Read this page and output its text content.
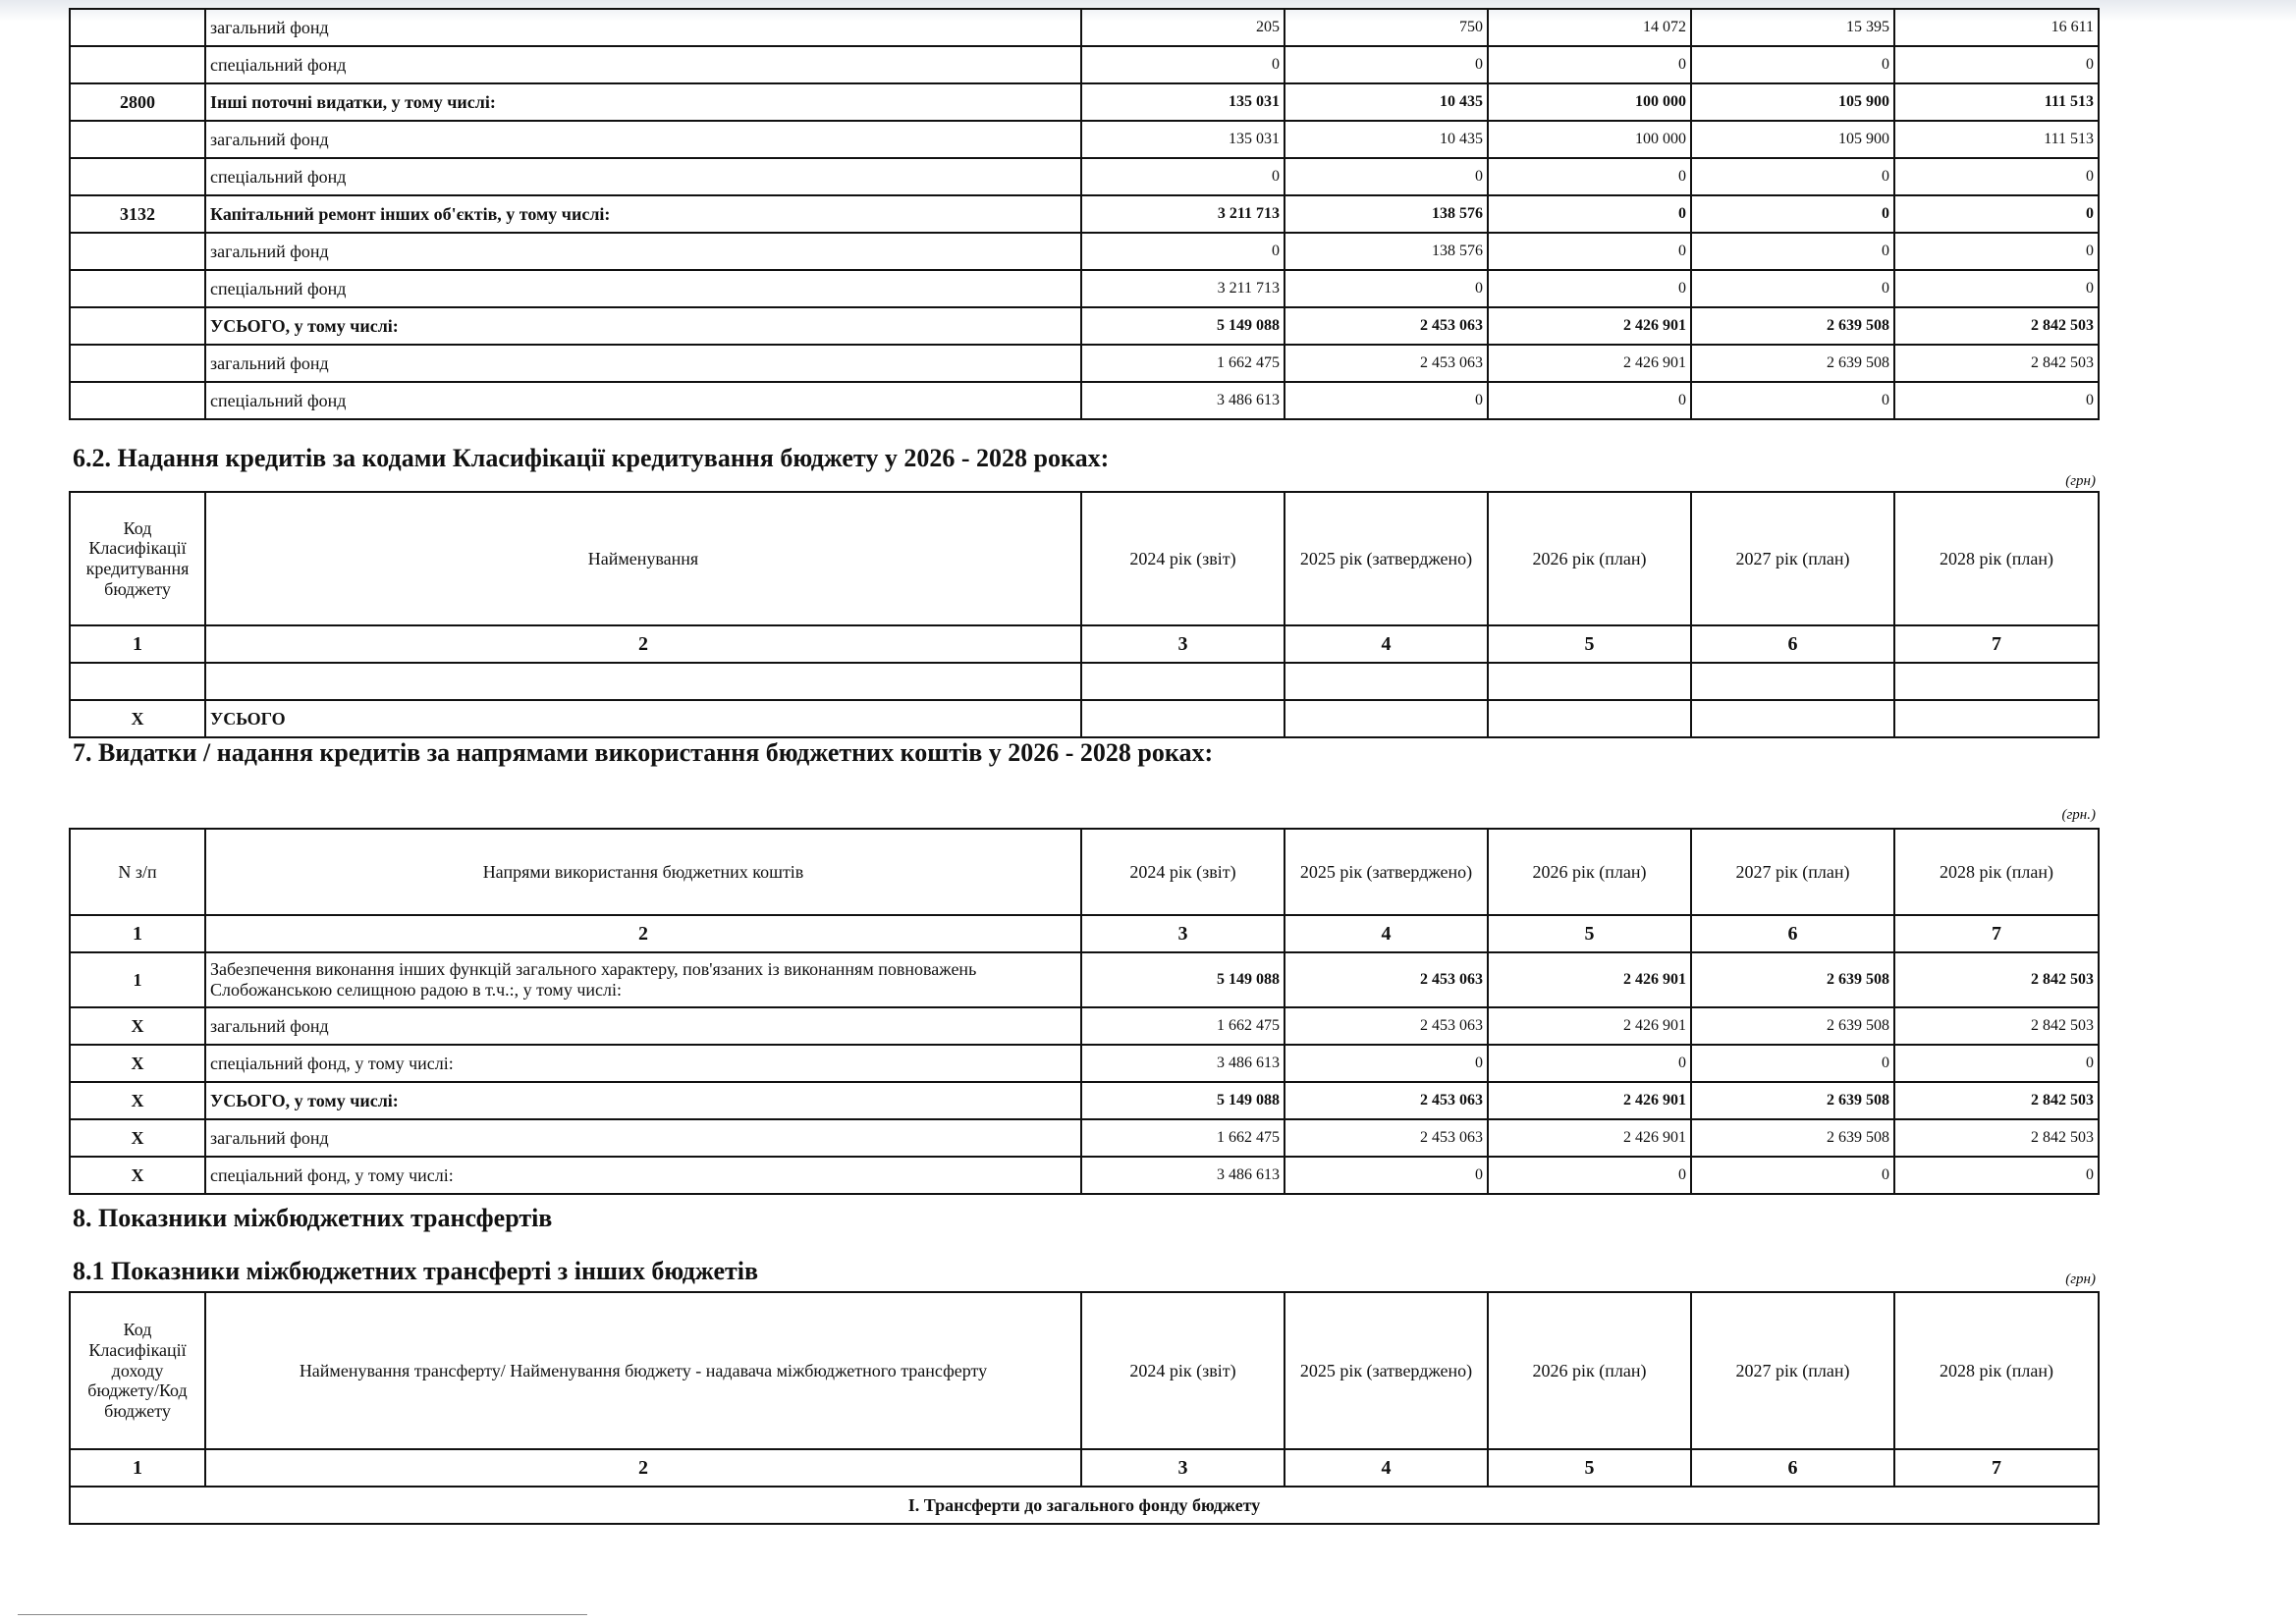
	загальний фонд	205	750	14 072	15 395	16 611
	спеціальний фонд	0	0	0	0	0
2800	Інші поточні видатки, у тому числі:	135 031	10 435	100 000	105 900	111 513
	загальний фонд	135 031	10 435	100 000	105 900	111 513
	спеціальний фонд	0	0	0	0	0
3132	Капітальний ремонт інших об'єктів, у тому числі:	3 211 713	138 576	0	0	0
	загальний фонд	0	138 576	0	0	0
	спеціальний фонд	3 211 713	0	0	0	0
	УСЬОГО, у тому числі:	5 149 088	2 453 063	2 426 901	2 639 508	2 842 503
	загальний фонд	1 662 475	2 453 063	2 426 901	2 639 508	2 842 503
	спеціальний фонд	3 486 613	0	0	0	0
6.2. Надання кредитів за кодами Класифікації кредитування бюджету у 2026 - 2028 роках:
(грн)
Код Класифікації кредитування бюджету	Найменування	2024 рік (звіт)	2025 рік (затверджено)	2026 рік (план)	2027 рік (план)	2028 рік (план)
1	2	3	4	5	6	7

X	УСЬОГО					
7. Видатки / надання кредитів за напрямами використання бюджетних коштів у 2026 - 2028 роках:
(грн.)
N з/п	Напрями використання бюджетних коштів	2024 рік (звіт)	2025 рік (затверджено)	2026 рік (план)	2027 рік (план)	2028 рік (план)
1	2	3	4	5	6	7
1	Забезпечення виконання інших функцій загального характеру, пов'язаних із виконанням повноважень Слобожанською селищною радою в т.ч.:, у тому числі:	5 149 088	2 453 063	2 426 901	2 639 508	2 842 503
X	загальний фонд	1 662 475	2 453 063	2 426 901	2 639 508	2 842 503
X	спеціальний фонд, у тому числі:	3 486 613	0	0	0	0
X	УСЬОГО, у тому числі:	5 149 088	2 453 063	2 426 901	2 639 508	2 842 503
X	загальний фонд	1 662 475	2 453 063	2 426 901	2 639 508	2 842 503
X	спеціальний фонд, у тому числі:	3 486 613	0	0	0	0
8. Показники міжбюджетних трансфертів
8.1 Показники міжбюджетних трансферті з інших бюджетів	(грн)
Код Класифікації доходу бюджету/Код бюджету	Найменування трансферту/ Найменування бюджету - надавача міжбюджетного трансферту	2024 рік (звіт)	2025 рік (затверджено)	2026 рік (план)	2027 рік (план)	2028 рік (план)
1	2	3	4	5	6	7
I. Трансферти до загального фонду бюджету						
